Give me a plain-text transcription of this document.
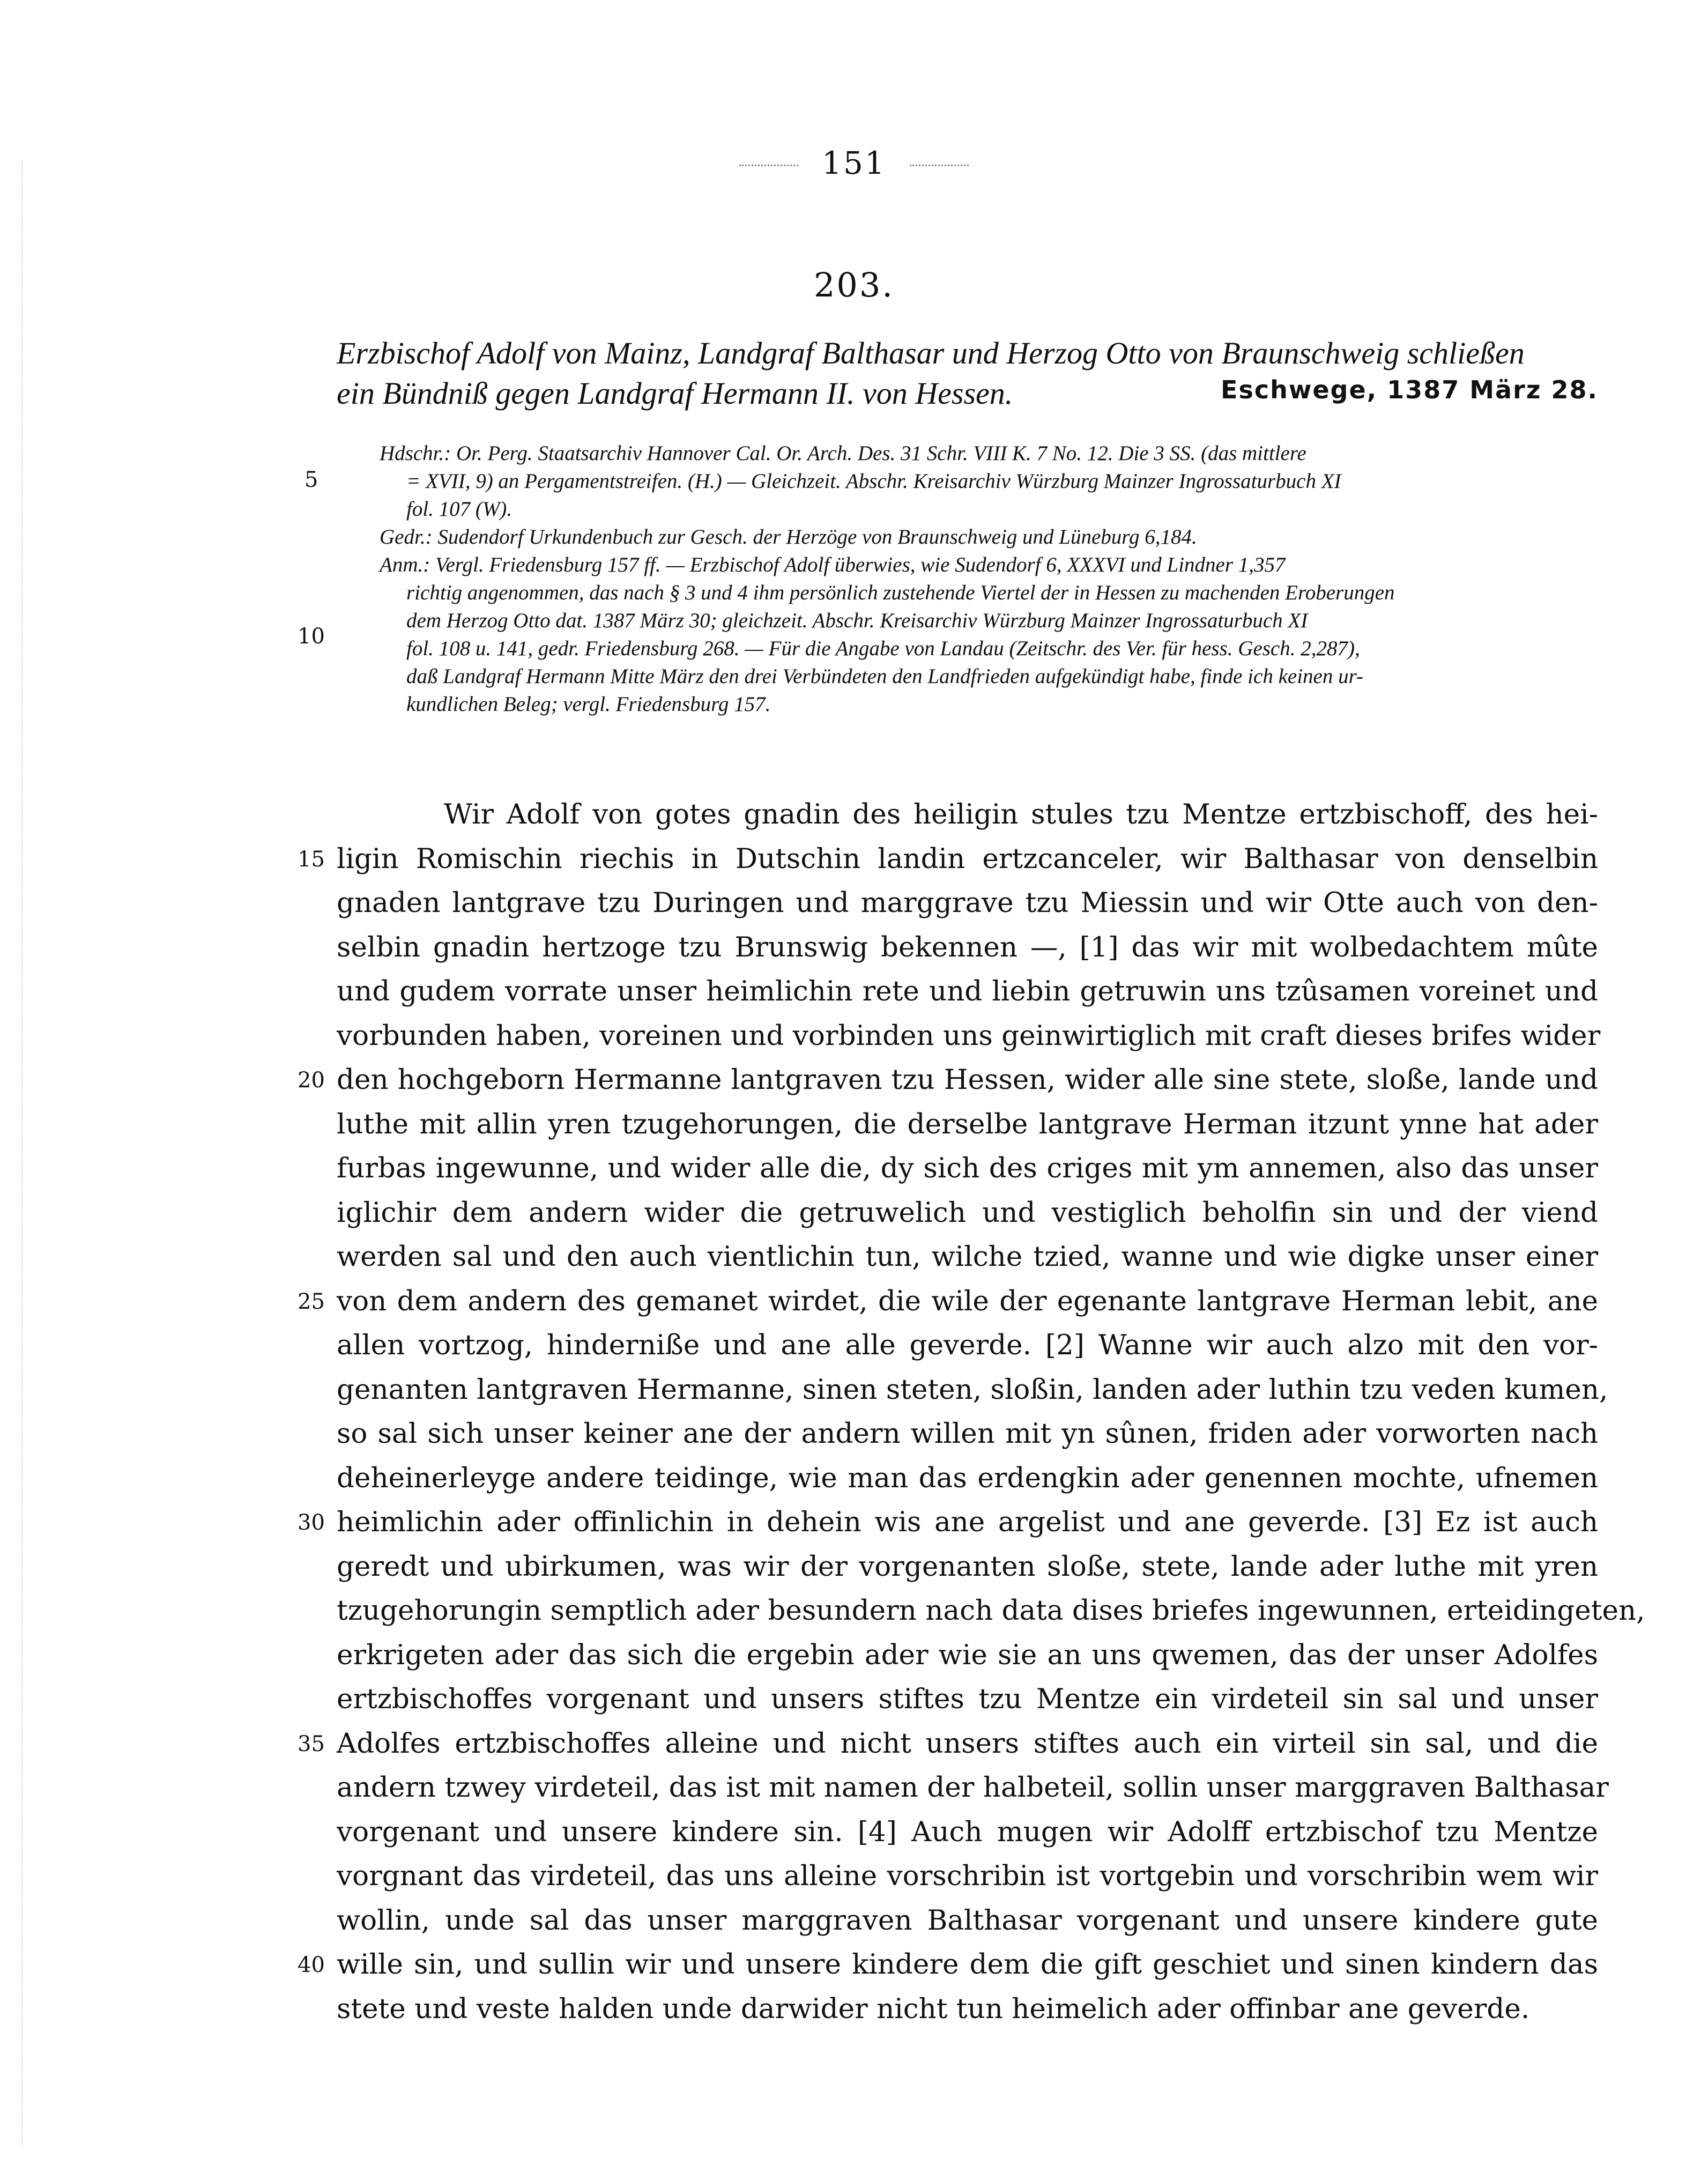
151
203.
Erzbischof Adolf von Mainz, Landgraf Balthasar und Herzog Otto von Braunschweig schließen
ein Bündniß gegen Landgraf Hermann II. von Hessen.	Eschwege, 1387 März 28.
Hdschr.: Or. Perg. Staatsarchiv Hannover Cal. Or. Arch. Des. 31 Schr. VIII K. 7 No. 12. Die 3 SS. (das mittlere
= XVII, 9) an Pergamentstreifen. (H.) — Gleichzeit. Abschr. Kreisarchiv Würzburg Mainzer Ingrossaturbuch XI
fol. 107 (W).
Gedr.: Sudendorf Urkundenbuch zur Gesch. der Herzöge von Braunschweig und Lüneburg 6,184.
Anm.: Vergl. Friedensburg 157 ff. — Erzbischof Adolf überwies, wie Sudendorf 6, XXXVI und Lindner 1,357
richtig angenommen, das nach § 3 und 4 ihm persönlich zustehende Viertel der in Hessen zu machenden Eroberungen
dem Herzog Otto dat. 1387 März 30; gleichzeit. Abschr. Kreisarchiv Würzburg Mainzer Ingrossaturbuch XI
fol. 108 u. 141, gedr. Friedensburg 268. — Für die Angabe von Landau (Zeitschr. des Ver. für hess. Gesch. 2,287),
daß Landgraf Hermann Mitte März den drei Verbündeten den Landfrieden aufgekündigt habe, finde ich keinen ur-
kundlichen Beleg; vergl. Friedensburg 157.
5
10
Wir Adolf von gotes gnadin des heiligin stules tzu Mentze ertzbischoff, des hei-
ligin Romischin riechis in Dutschin landin ertzcanceler, wir Balthasar von denselbin
gnaden lantgrave tzu Duringen und marggrave tzu Miessin und wir Otte auch von den-
selbin gnadin hertzoge tzu Brunswig bekennen —, [1] das wir mit wolbedachtem mûte
und gudem vorrate unser heimlichin rete und liebin getruwin uns tzûsamen voreinet und
vorbunden haben, voreinen und vorbinden uns geinwirtiglich mit craft dieses brifes wider
den hochgeborn Hermanne lantgraven tzu Hessen, wider alle sine stete, sloße, lande und
luthe mit allin yren tzugehorungen, die derselbe lantgrave Herman itzunt ynne hat ader
furbas ingewunne, und wider alle die, dy sich des criges mit ym annemen, also das unser
iglichir dem andern wider die getruwelich und vestiglich beholfin sin und der viend
werden sal und den auch vientlichin tun, wilche tzied, wanne und wie digke unser einer
von dem andern des gemanet wirdet, die wile der egenante lantgrave Herman lebit, ane
allen vortzog, hinderniße und ane alle geverde. [2] Wanne wir auch alzo mit den vor-
genanten lantgraven Hermanne, sinen steten, sloßin, landen ader luthin tzu veden kumen,
so sal sich unser keiner ane der andern willen mit yn sûnen, friden ader vorworten nach
deheinerleyge andere teidinge, wie man das erdengkin ader genennen mochte, ufnemen
heimlichin ader offinlichin in dehein wis ane argelist und ane geverde. [3] Ez ist auch
geredt und ubirkumen, was wir der vorgenanten sloße, stete, lande ader luthe mit yren
tzugehorungin semptlich ader besundern nach data dises briefes ingewunnen, erteidingeten,
erkrigeten ader das sich die ergebin ader wie sie an uns qwemen, das der unser Adolfes
ertzbischoffes vorgenant und unsers stiftes tzu Mentze ein virdeteil sin sal und unser
Adolfes ertzbischoffes alleine und nicht unsers stiftes auch ein virteil sin sal, und die
andern tzwey virdeteil, das ist mit namen der halbeteil, sollin unser marggraven Balthasar
vorgenant und unsere kindere sin. [4] Auch mugen wir Adolff ertzbischof tzu Mentze
vorgnant das virdeteil, das uns alleine vorschribin ist vortgebin und vorschribin wem wir
wollin, unde sal das unser marggraven Balthasar vorgenant und unsere kindere gute
wille sin, und sullin wir und unsere kindere dem die gift geschiet und sinen kindern das
stete und veste halden unde darwider nicht tun heimelich ader offinbar ane geverde.
15
20
25
30
35
40
